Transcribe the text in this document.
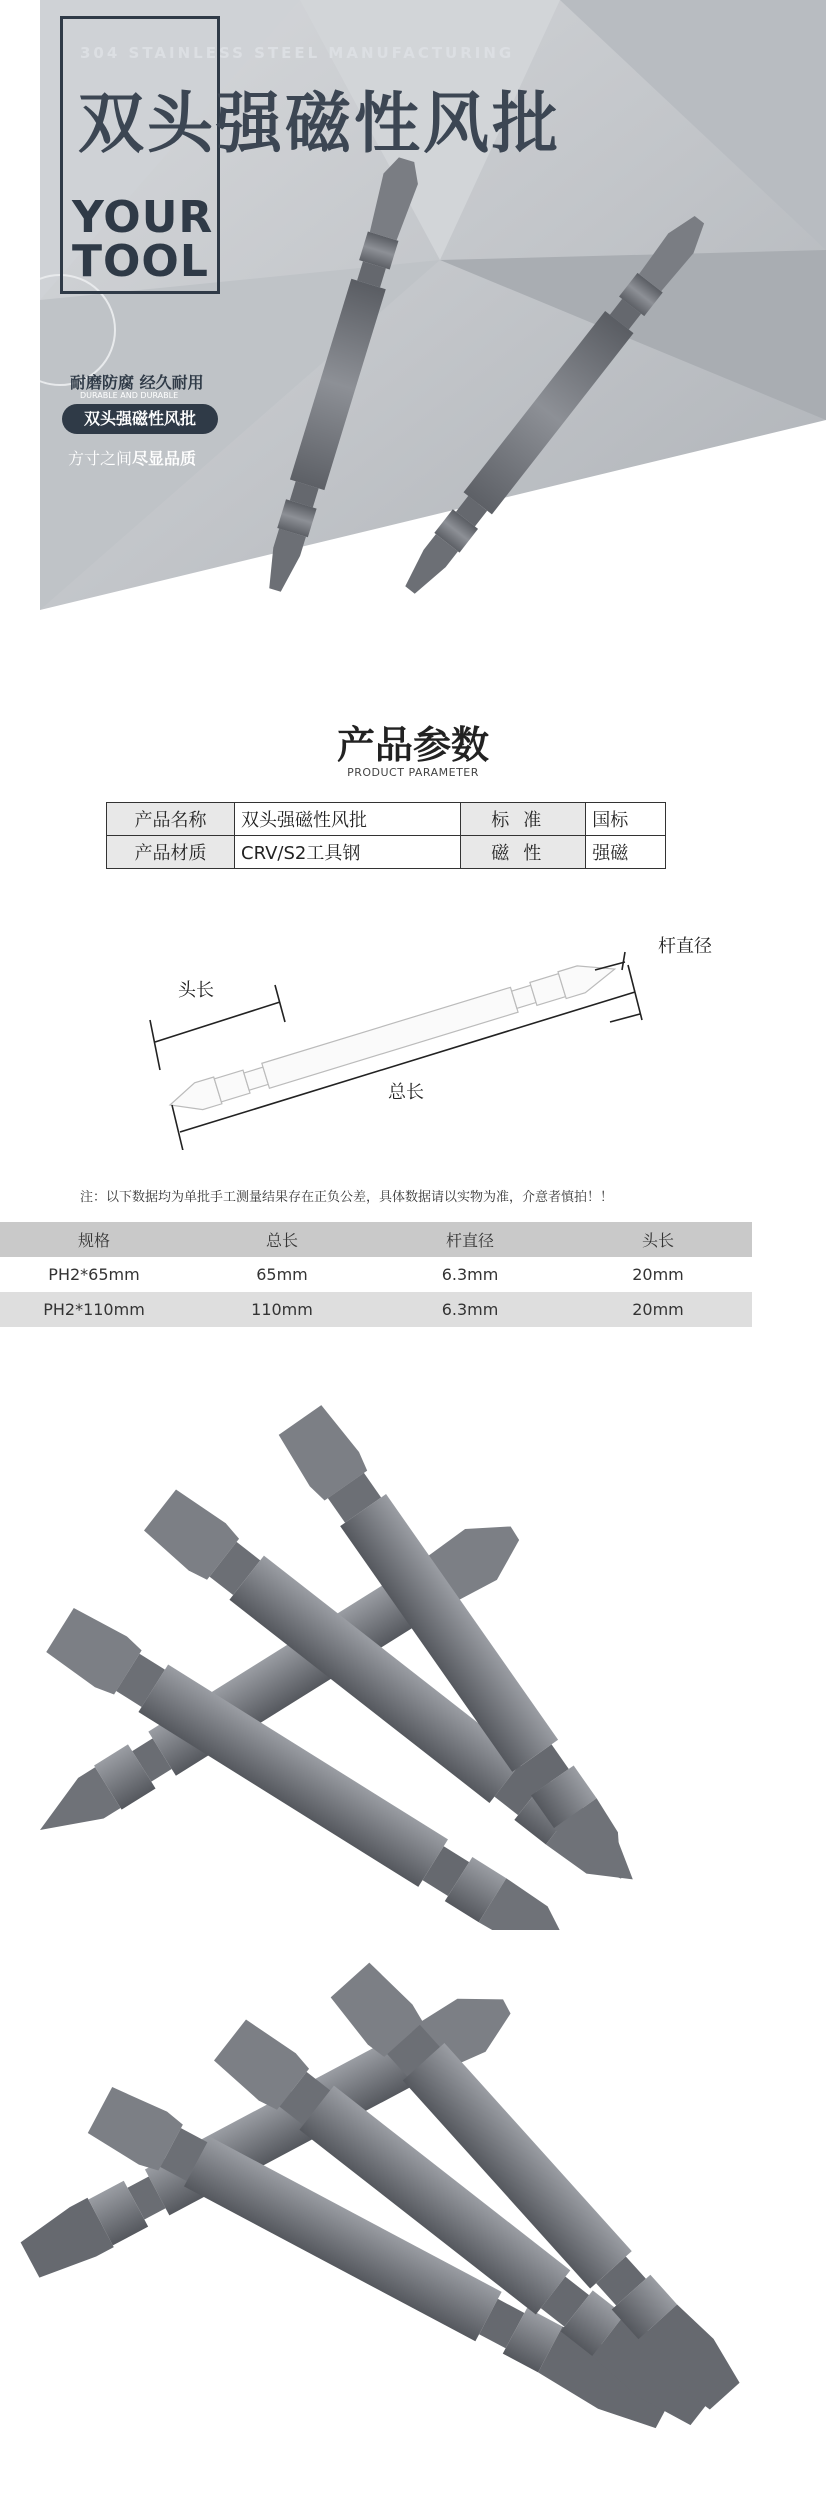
304 STAINLESS STEEL MANUFACTURING
双头强磁性风批
YOUR
TOOL
耐磨防腐 经久耐用
DURABLE AND DURABLE
双头强磁性风批
方寸之间尽显品质
产品参数
PRODUCT PARAMETER
产品名称	双头强磁性风批	标准	国标
产品材质	CRV/S2工具钢	磁性	强磁
头长
总长
杆直径
注：以下数据均为单批手工测量结果存在正负公差，具体数据请以实物为准，介意者慎拍！！
规格	总长	杆直径	头长
PH2*65mm	65mm	6.3mm	20mm
PH2*110mm	110mm	6.3mm	20mm
